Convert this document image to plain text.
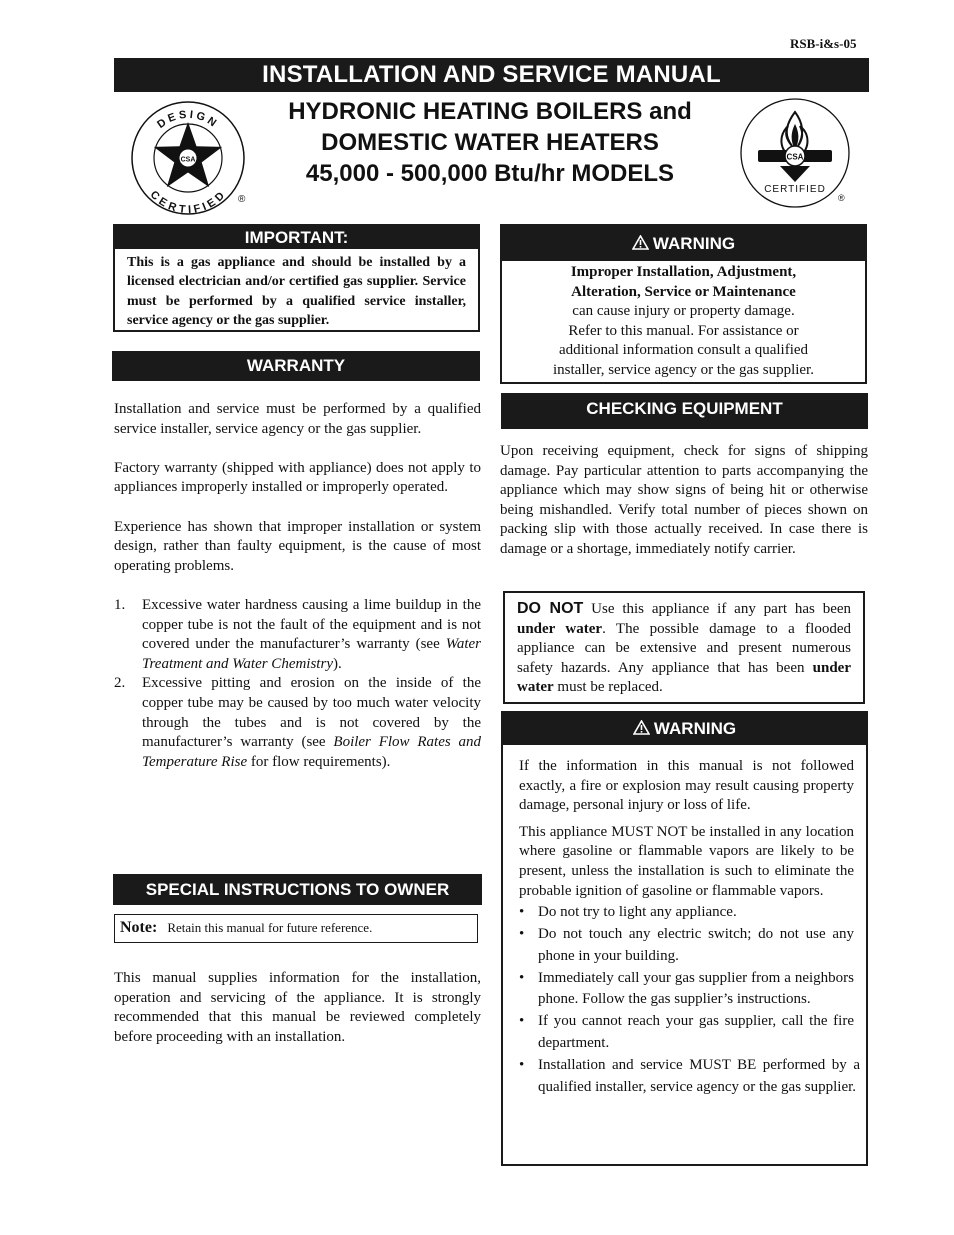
RSB-i&s-05
INSTALLATION AND SERVICE MANUAL
HYDRONIC HEATING BOILERS and
DOMESTIC WATER HEATERS
45,000 - 500,000 Btu/hr MODELS
CSA
DESIGN
CERTIFIED ®
CSA
CERTIFIED
®
IMPORTANT:
This is a gas appliance and should be installed by a licensed electrician and/or certified gas supplier. Service must be performed by a qualified service installer, service agency or the gas supplier.
WARRANTY

Installation and service must be performed by a qualified service installer, service agency or the gas supplier.

Factory warranty (shipped with appliance) does not apply to appliances improperly installed or improperly operated.

Experience has shown that improper installation or system design, rather than faulty equipment, is the cause of most operating problems.

1.	Excessive water hardness causing a lime buildup in the copper tube is not the fault of the equipment and is not covered under the manufacturer’s warranty (see Water Treatment and Water Chemistry).
2.	Excessive pitting and erosion on the inside of the copper tube may be caused by too much water velocity through the tubes and is not covered by the manufacturer’s warranty (see Boiler Flow Rates and Temperature Rise for flow requirements).
SPECIAL INSTRUCTIONS TO OWNER
Note: Retain this manual for future reference.
This manual supplies information for the installation, operation and servicing of the appliance. It is strongly recommended that this manual be reviewed completely before proceeding with an installation.
WARNING
Improper Installation, Adjustment,
Alteration, Service or Maintenance
can cause injury or property damage.
Refer to this manual. For assistance or
additional information consult a qualified
installer, service agency or the gas supplier.
CHECKING EQUIPMENT
Upon receiving equipment, check for signs of shipping damage. Pay particular attention to parts accompanying the appliance which may show signs of being hit or otherwise being mishandled. Verify total number of pieces shown on packing slip with those actually received. In case there is damage or a shortage, immediately notify carrier.
DO NOT Use this appliance if any part has been under water. The possible damage to a flooded appliance can be extensive and present numerous safety hazards. Any appliance that has been under water must be replaced.
WARNING

If the information in this manual is not followed exactly, a fire or explosion may result causing property damage, personal injury or loss of life.

This appliance MUST NOT be installed in any location where gasoline or flammable vapors are likely to be present, unless the installation is such to eliminate the probable ignition of gasoline or flammable vapors.

• Do not try to light any appliance.
• Do not touch any electric switch; do not use any phone in your building.
• Immediately call your gas supplier from a neighbors phone. Follow the gas supplier’s instructions.
• If you cannot reach your gas supplier, call the fire department.
• Installation and service MUST BE performed by a qualified installer, service agency or the gas supplier.
